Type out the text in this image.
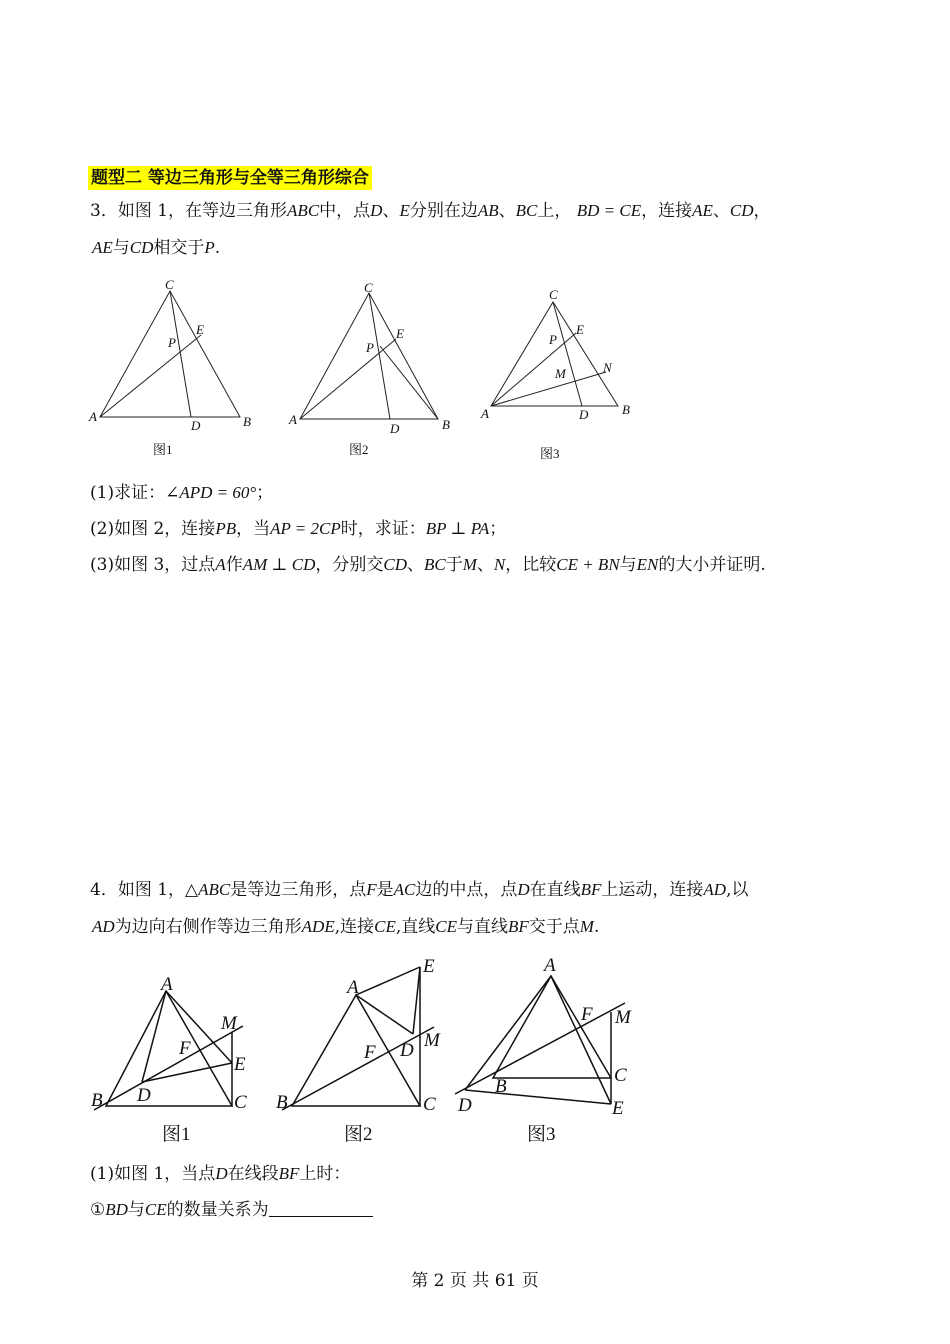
题型二 等边三角形与全等三角形综合
3．如图 1，在等边三角形ABC中，点D、E分别在边AB、BC上， BD = CE，连接AE、CD，
AE与CD相交于P.
C
E
P
A
D	B
图1
C
E
P
A
D	B
图2
C
E
P
N
M
A	D	B
图3
(1)求证：∠APD = 60°；
(2)如图 2，连接PB，当AP = 2CP时，求证：BP ⊥ PA；
(3)如图 3，过点A作AM ⊥ CD，分别交CD、BC于M、N，比较CE + BN与EN的大小并证明.
4．如图 1，△ABC是等边三角形，点F是AC边的中点，点D在直线BF上运动，连接AD,以
AD为边向右侧作等边三角形ADE,连接CE,直线CE与直线BF交于点M.
A
M
F
E
D
B	C
图1
A
E
M
D
F
B	C
图2
A
F M
C
B
D	E
图3
(1)如图 1，当点D在线段BF上时：
①BD与CE的数量关系为
第 2 页 共 61 页
